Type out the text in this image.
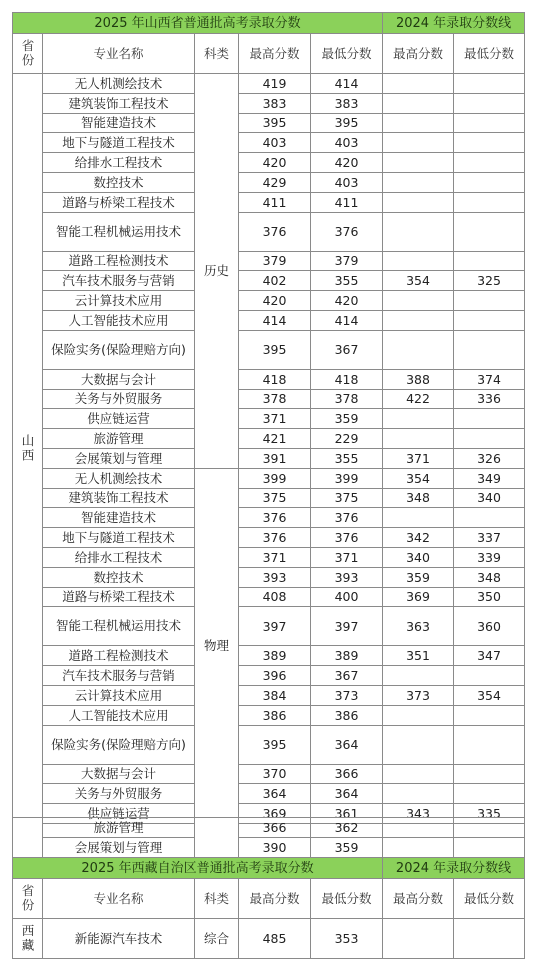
2025 年山西省普通批高考录取分数					2024 年录取分数线	
省份	专业名称	科类	最高分数	最低分数	最高分数	最低分数
山西	无人机测绘技术	历史	419	414		
	建筑装饰工程技术		383	383		
	智能建造技术		395	395		
	地下与隧道工程技术		403	403		
	给排水工程技术		420	420		
	数控技术		429	403		
	道路与桥梁工程技术		411	411		
	智能工程机械运用技术		376	376		
	道路工程检测技术		379	379		
	汽车技术服务与营销		402	355	354	325
	云计算技术应用		420	420		
	人工智能技术应用		414	414		
	保险实务(保险理赔方向)		395	367		
	大数据与会计		418	418	388	374
	关务与外贸服务		378	378	422	336
	供应链运营		371	359		
	旅游管理		421	229		
	会展策划与管理		391	355	371	326
	无人机测绘技术	物理	399	399	354	349
	建筑装饰工程技术		375	375	348	340
	智能建造技术		376	376		
	地下与隧道工程技术		376	376	342	337
	给排水工程技术		371	371	340	339
	数控技术		393	393	359	348
	道路与桥梁工程技术		408	400	369	350
	智能工程机械运用技术		397	397	363	360
	道路工程检测技术		389	389	351	347
	汽车技术服务与营销		396	367		
	云计算技术应用		384	373	373	354
	人工智能技术应用		386	386		
	保险实务(保险理赔方向)		395	364		
	大数据与会计		370	366		
	关务与外贸服务		364	364		
	供应链运营		369	361	343	335
	旅游管理		366	362		
	会展策划与管理		390	359		
2025 年西藏自治区普通批高考录取分数					2024 年录取分数线	
省份	专业名称	科类	最高分数	最低分数	最高分数	最低分数
西藏	新能源汽车技术	综合	485	353		
